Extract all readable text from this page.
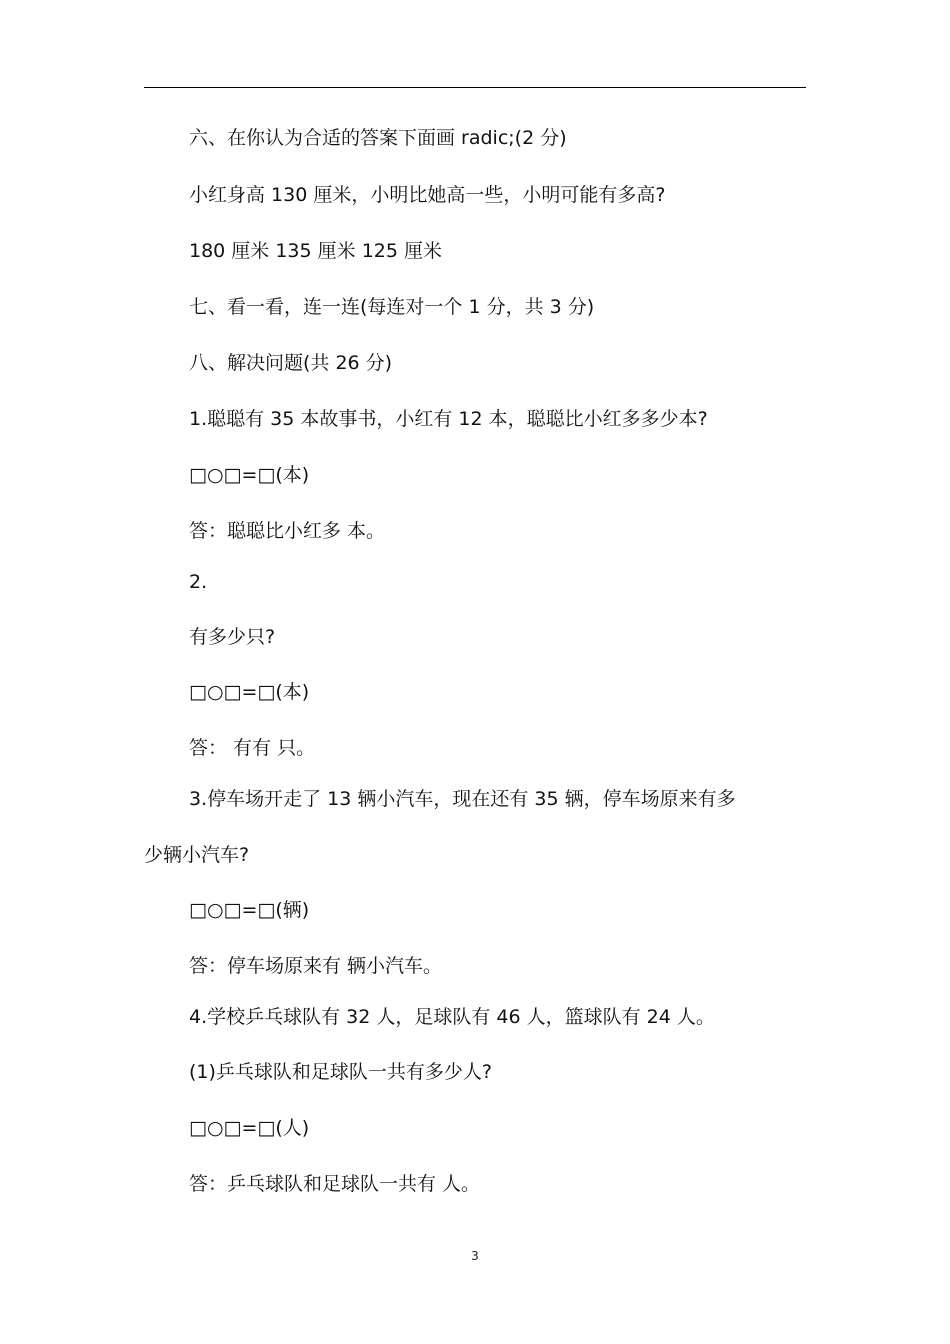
六、在你认为合适的答案下面画 radic;(2 分)
小红身高 130 厘米，小明比她高一些，小明可能有多高?
180 厘米 135 厘米 125 厘米
七、看一看，连一连(每连对一个 1 分，共 3 分)
八、解决问题(共 26 分)
1.聪聪有 35 本故事书，小红有 12 本，聪聪比小红多多少本?
□○□=□(本)
答：聪聪比小红多 本。
2.
有多少只?
□○□=□(本)
答： 有有 只。
3.停车场开走了 13 辆小汽车，现在还有 35 辆，停车场原来有多
少辆小汽车?
□○□=□(辆)
答：停车场原来有 辆小汽车。
4.学校乒乓球队有 32 人，足球队有 46 人，篮球队有 24 人。
(1)乒乓球队和足球队一共有多少人?
□○□=□(人)
答：乒乓球队和足球队一共有 人。
3
